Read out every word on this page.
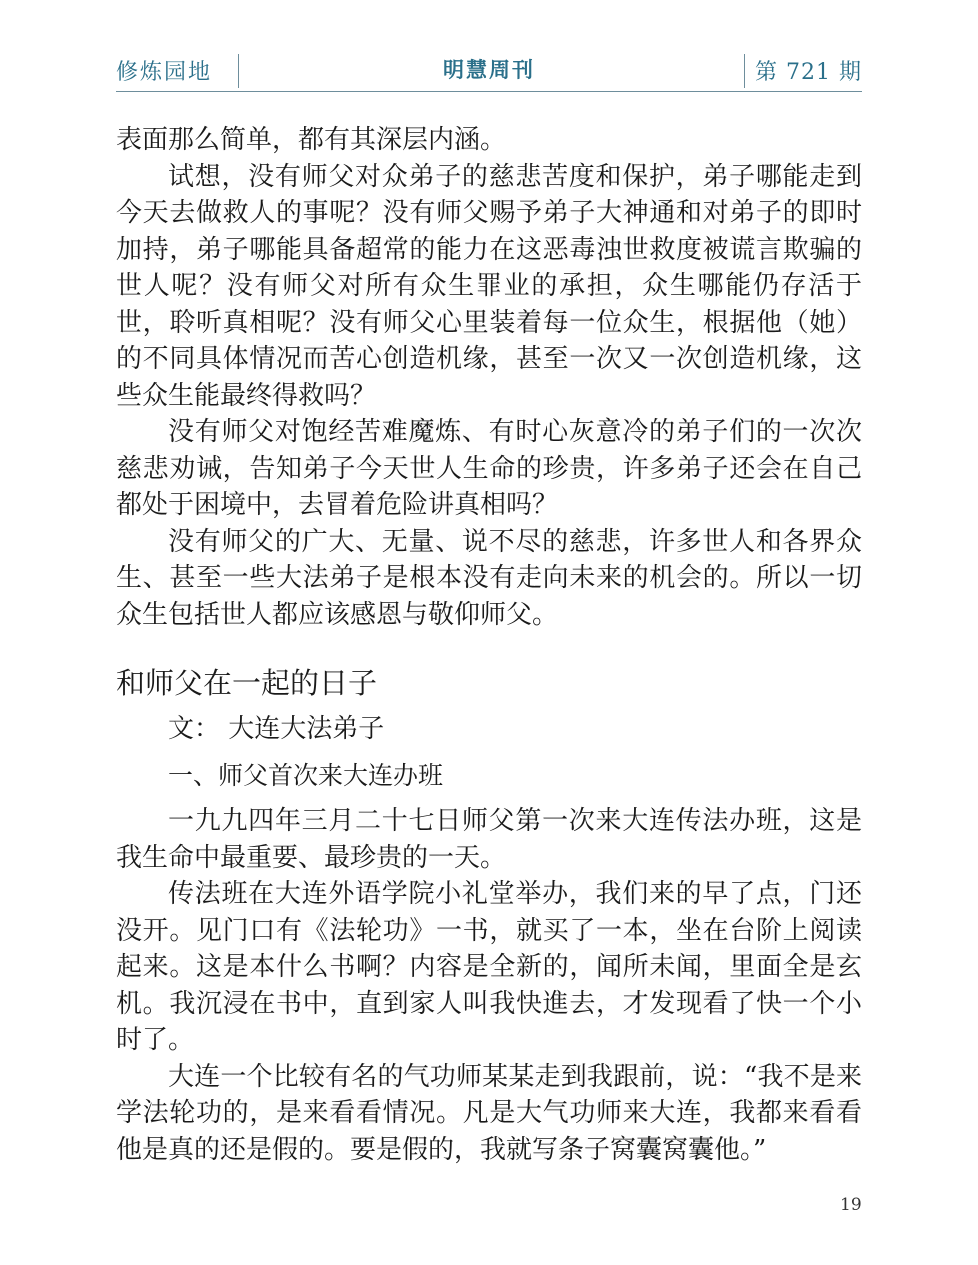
修炼园地	明慧周刊	第 721 期

表面那么简单，都有其深层内涵。

试想，没有师父对众弟子的慈悲苦度和保护，弟子哪能走到今天去做救人的事呢？没有师父赐予弟子大神通和对弟子的即时加持，弟子哪能具备超常的能力在这恶毒浊世救度被谎言欺骗的世人呢？没有师父对所有众生罪业的承担，众生哪能仍存活于世，聆听真相呢？没有师父心里装着每一位众生，根据他（她）的不同具体情况而苦心创造机缘，甚至一次又一次创造机缘，这些众生能最终得救吗？

没有师父对饱经苦难魔炼、有时心灰意冷的弟子们的一次次慈悲劝诫，告知弟子今天世人生命的珍贵，许多弟子还会在自己都处于困境中，去冒着危险讲真相吗？

没有师父的广大、无量、说不尽的慈悲，许多世人和各界众生、甚至一些大法弟子是根本没有走向未来的机会的。所以一切众生包括世人都应该感恩与敬仰师父。

和师父在一起的日子
文： 大连大法弟子
一、师父首次来大连办班

一九九四年三月二十七日师父第一次来大连传法办班，这是我生命中最重要、最珍贵的一天。

传法班在大连外语学院小礼堂举办，我们来的早了点，门还没开。见门口有《法轮功》一书，就买了一本，坐在台阶上阅读起来。这是本什么书啊？内容是全新的，闻所未闻，里面全是玄机。我沉浸在书中，直到家人叫我快進去，才发现看了快一个小时了。

大连一个比较有名的气功师某某走到我跟前，说：“我不是来学法轮功的，是来看看情况。凡是大气功师来大连，我都来看看他是真的还是假的。要是假的，我就写条子窝囊窝囊他。”

19
